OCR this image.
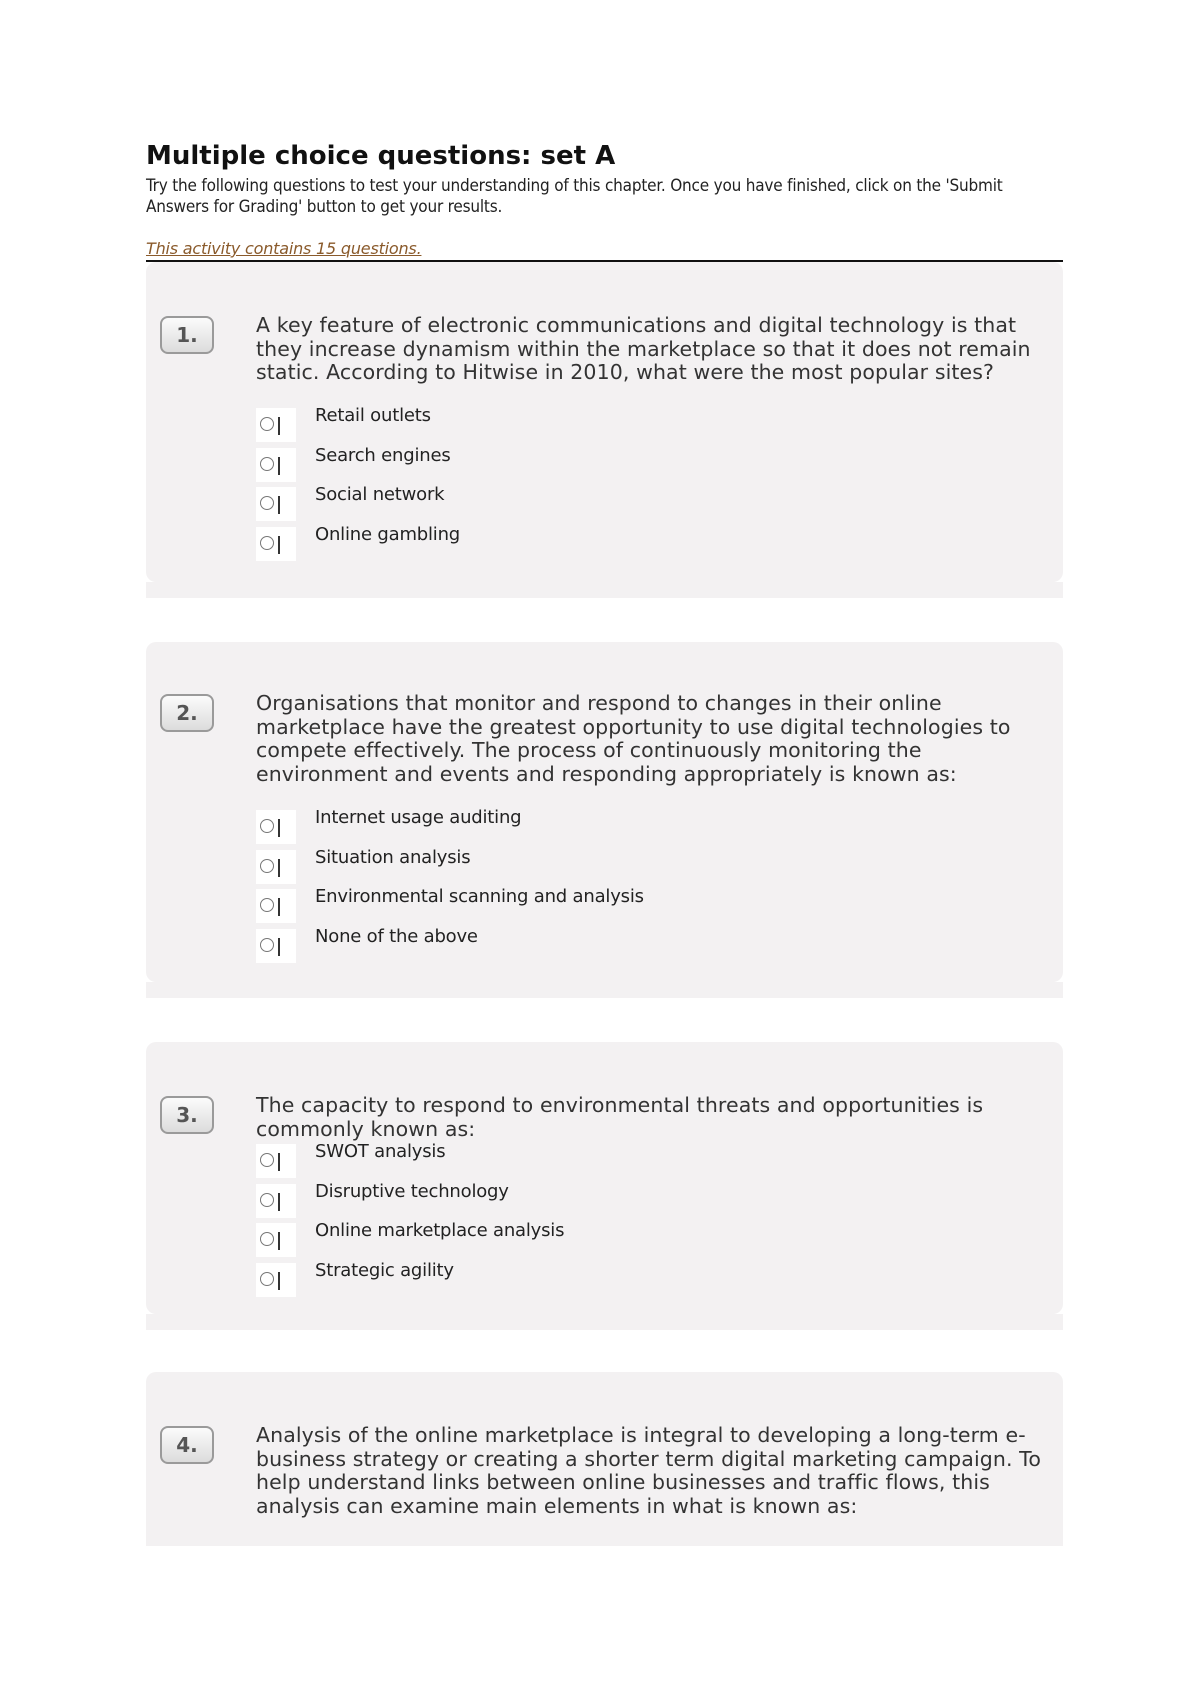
Multiple choice questions: set A
Try the following questions to test your understanding of this chapter. Once you have finished, click on the 'Submit Answers for Grading' button to get your results.
This activity contains 15 questions.
1.	A key feature of electronic communications and digital technology is that they increase dynamism within the marketplace so that it does not remain static. According to Hitwise in 2010, what were the most popular sites?
Retail outlets
Search engines
Social network
Online gambling
2.	Organisations that monitor and respond to changes in their online marketplace have the greatest opportunity to use digital technologies to compete effectively. The process of continuously monitoring the environment and events and responding appropriately is known as:
Internet usage auditing
Situation analysis
Environmental scanning and analysis
None of the above
3.	The capacity to respond to environmental threats and opportunities is commonly known as:
SWOT analysis
Disruptive technology
Online marketplace analysis
Strategic agility
4.	Analysis of the online marketplace is integral to developing a long-term e-business strategy or creating a shorter term digital marketing campaign. To help understand links between online businesses and traffic flows, this analysis can examine main elements in what is known as:
